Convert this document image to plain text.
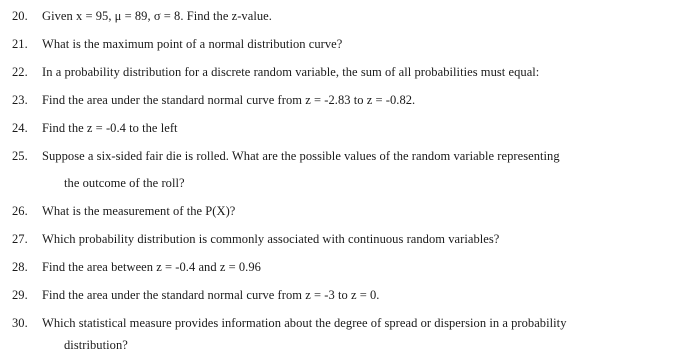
20. Given x = 95, μ = 89, σ = 8. Find the z-value.
21. What is the maximum point of a normal distribution curve?
22. In a probability distribution for a discrete random variable, the sum of all probabilities must equal:
23. Find the area under the standard normal curve from z = -2.83 to z = -0.82.
24. Find the z = -0.4 to the left
25. Suppose a six-sided fair die is rolled. What are the possible values of the random variable representing
the outcome of the roll?
26. What is the measurement of the P(X)?
27. Which probability distribution is commonly associated with continuous random variables?
28. Find the area between z = -0.4 and z = 0.96
29. Find the area under the standard normal curve from z = -3 to z = 0.
30. Which statistical measure provides information about the degree of spread or dispersion in a probability
distribution?
